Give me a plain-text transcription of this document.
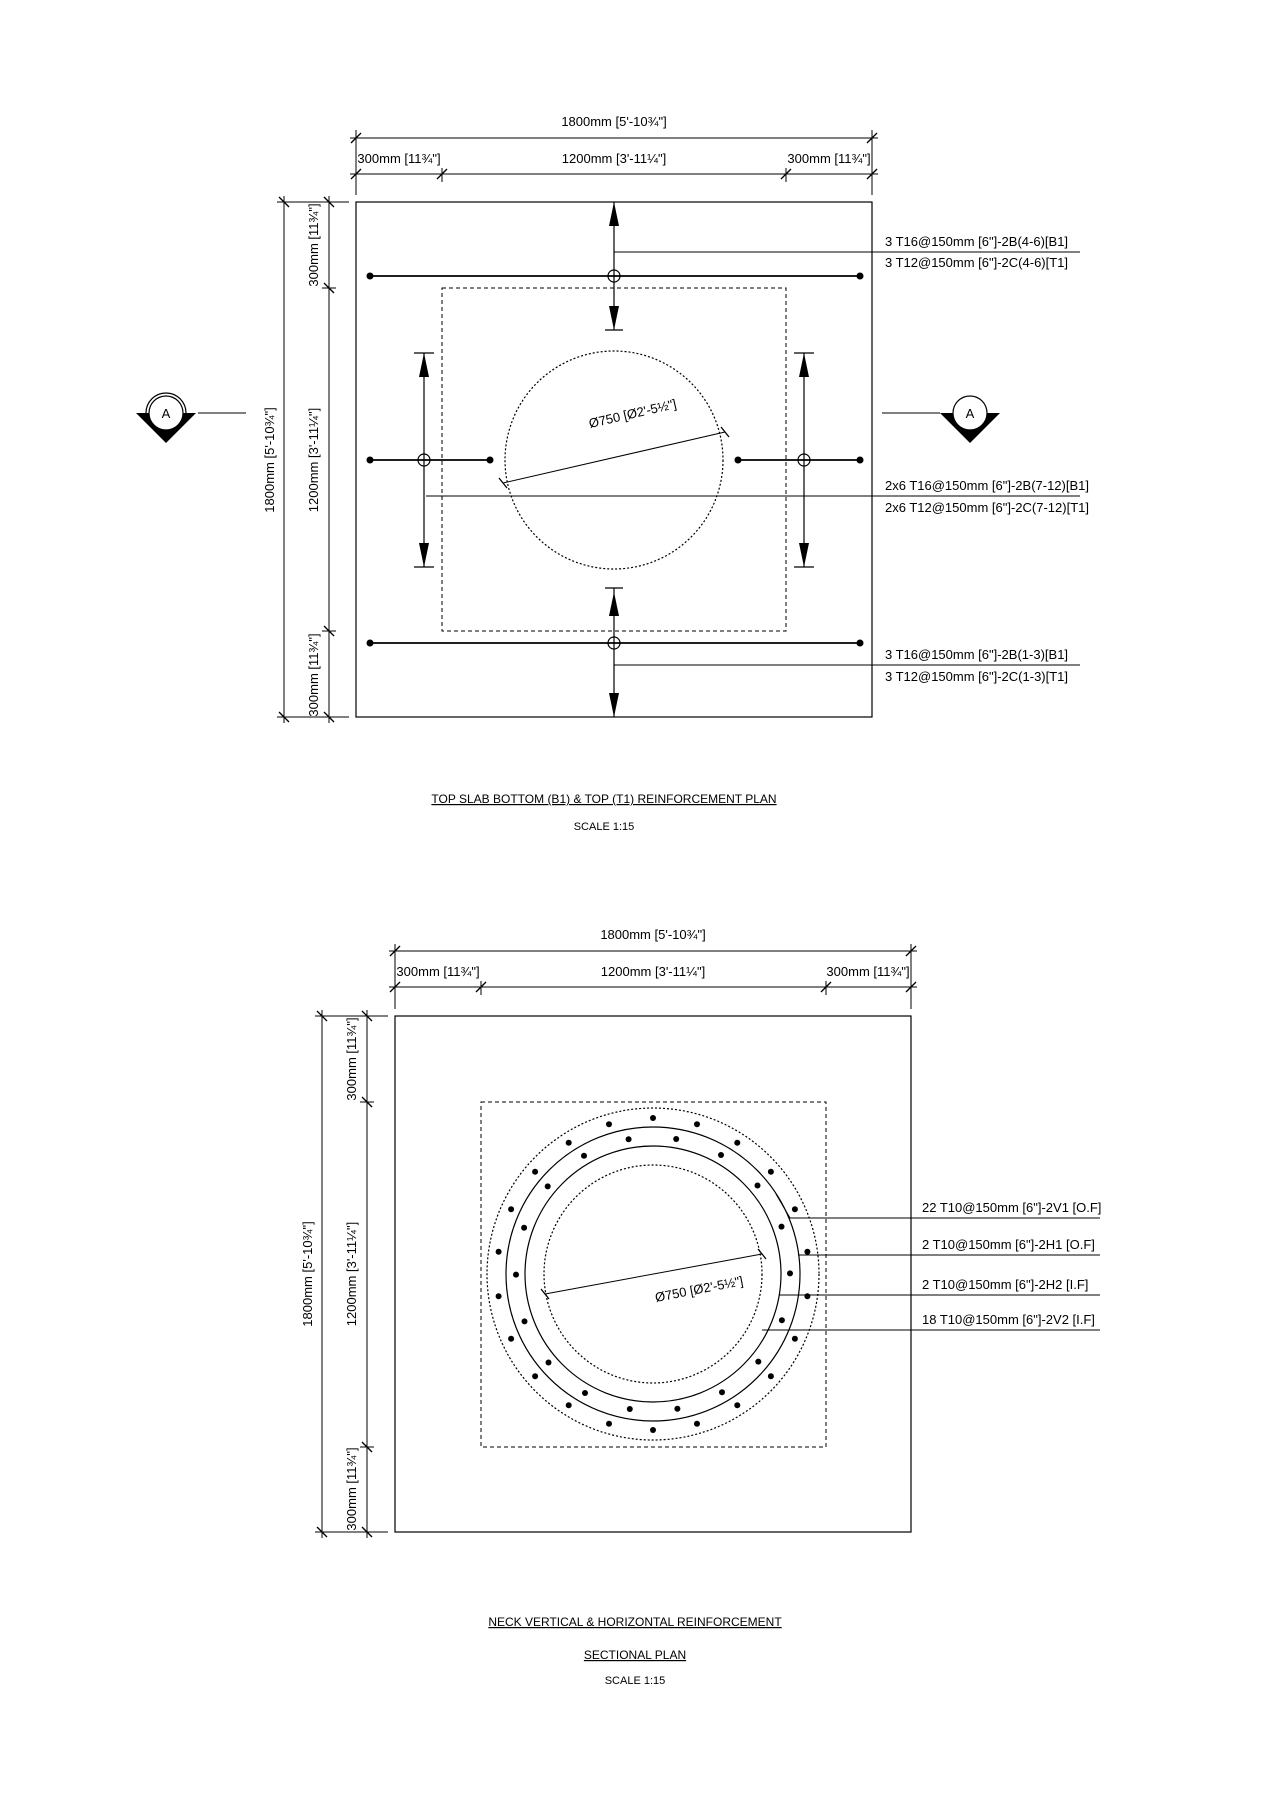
Ø750 [Ø2'-5½"]
1800mm [5'-10¾"]
300mm [11¾"]	1200mm [3'-11¼"]	300mm [11¾"]
1800mm [5'-10¾"]
300mm [11¾"]
1200mm [3'-11¼"]
300mm [11¾"]
3 T16@150mm [6"]-2B(4-6)[B1]
3 T12@150mm [6"]-2C(4-6)[T1]
2x6 T16@150mm [6"]-2B(7-12)[B1]
2x6 T12@150mm [6"]-2C(7-12)[T1]
3 T16@150mm [6"]-2B(1-3)[B1]
3 T12@150mm [6"]-2C(1-3)[T1]
A	A
TOP SLAB BOTTOM (B1) & TOP (T1) REINFORCEMENT PLAN
SCALE 1:15
Ø750 [Ø2'-5½"]
1800mm [5'-10¾"]
300mm [11¾"]	1200mm [3'-11¼"]	300mm [11¾"]
1800mm [5'-10¾"]
300mm [11¾"]
1200mm [3'-11¼"]
300mm [11¾"]
22 T10@150mm [6"]-2V1 [O.F]
2 T10@150mm [6"]-2H1 [O.F]
2 T10@150mm [6"]-2H2 [I.F]
18 T10@150mm [6"]-2V2 [I.F]
NECK VERTICAL & HORIZONTAL REINFORCEMENT
SECTIONAL PLAN
SCALE 1:15
